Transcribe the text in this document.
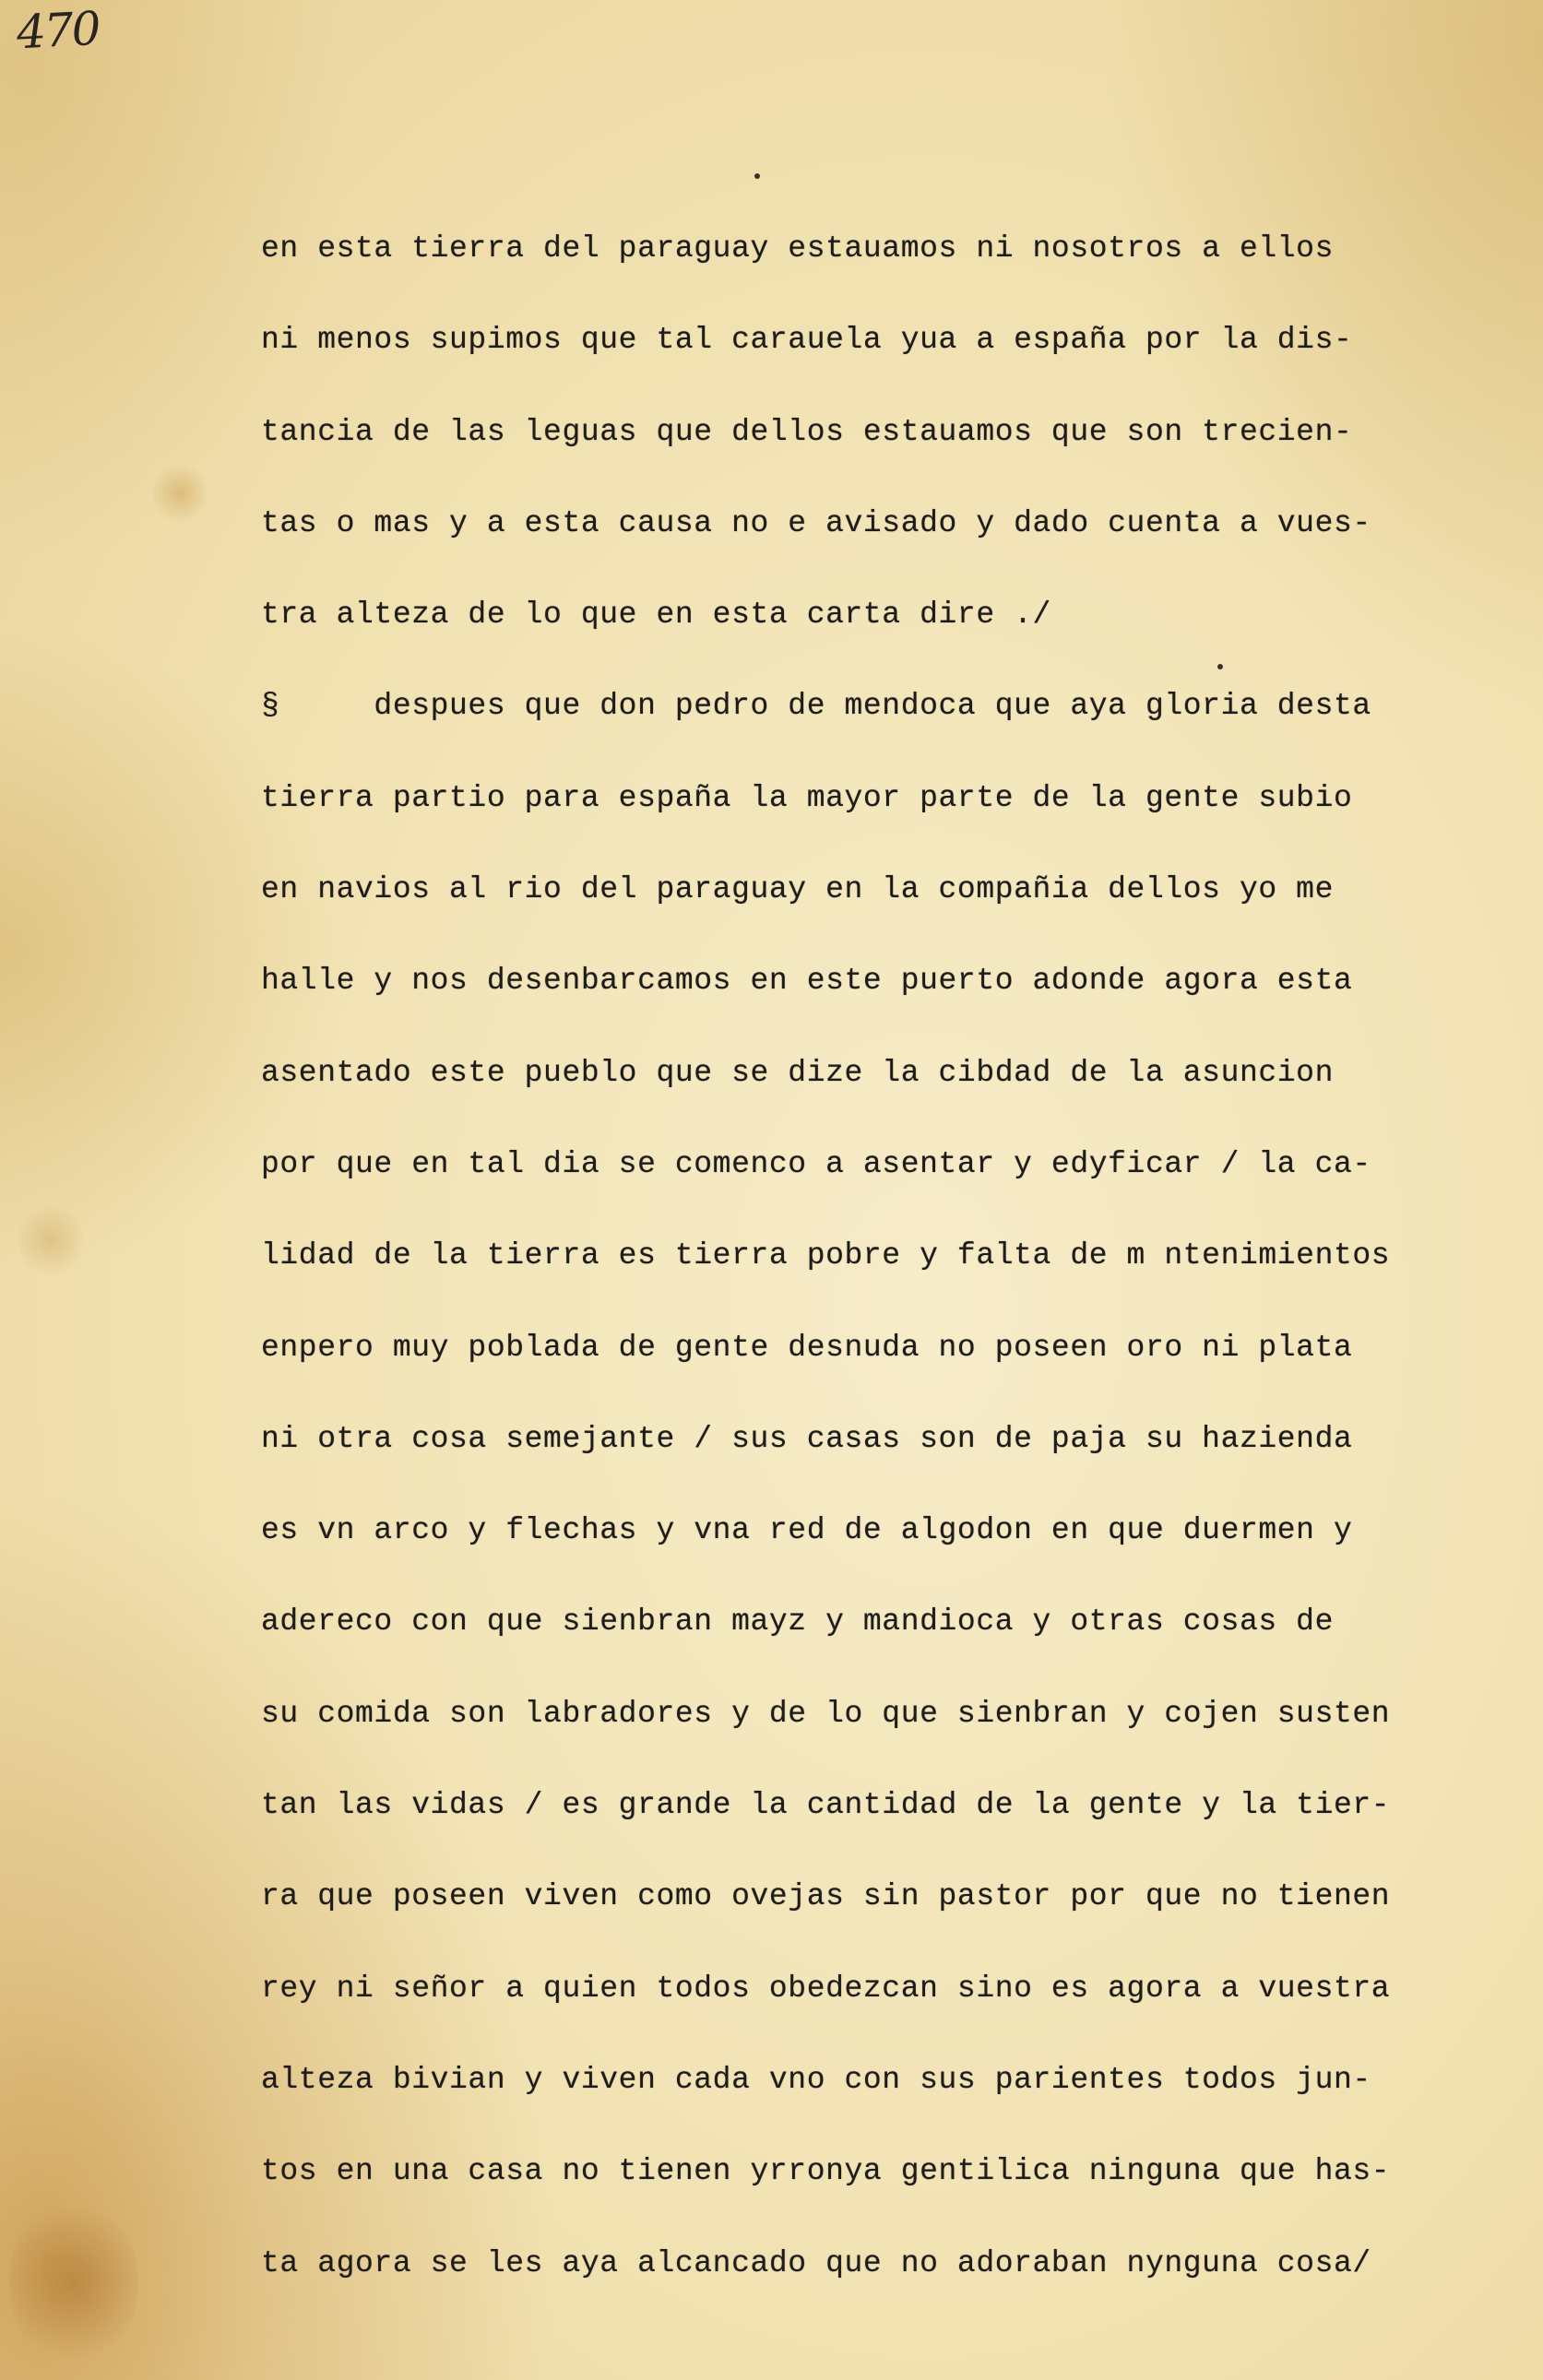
470
en esta tierra del paraguay estauamos ni nosotros a ellos
ni menos supimos que tal carauela yua a españa por la dis-
tancia de las leguas que dellos estauamos que son trecien-
tas o mas y a esta causa no e avisado y dado cuenta a vues-
tra alteza de lo que en esta carta dire ./
§     despues que don pedro de mendoca que aya gloria desta
tierra partio para españa la mayor parte de la gente subio
en navios al rio del paraguay en la compañia dellos yo me
halle y nos desenbarcamos en este puerto adonde agora esta
asentado este pueblo que se dize la cibdad de la asuncion
por que en tal dia se comenco a asentar y edyficar / la ca-
lidad de la tierra es tierra pobre y falta de m ntenimientos
enpero muy poblada de gente desnuda no poseen oro ni plata
ni otra cosa semejante / sus casas son de paja su hazienda
es vn arco y flechas y vna red de algodon en que duermen y
adereco con que sienbran mayz y mandioca y otras cosas de
su comida son labradores y de lo que sienbran y cojen susten
tan las vidas / es grande la cantidad de la gente y la tier-
ra que poseen viven como ovejas sin pastor por que no tienen
rey ni señor a quien todos obedezcan sino es agora a vuestra
alteza bivian y viven cada vno con sus parientes todos jun-
tos en una casa no tienen yrronya gentilica ninguna que has-
ta agora se les aya alcancado que no adoraban nynguna cosa/
